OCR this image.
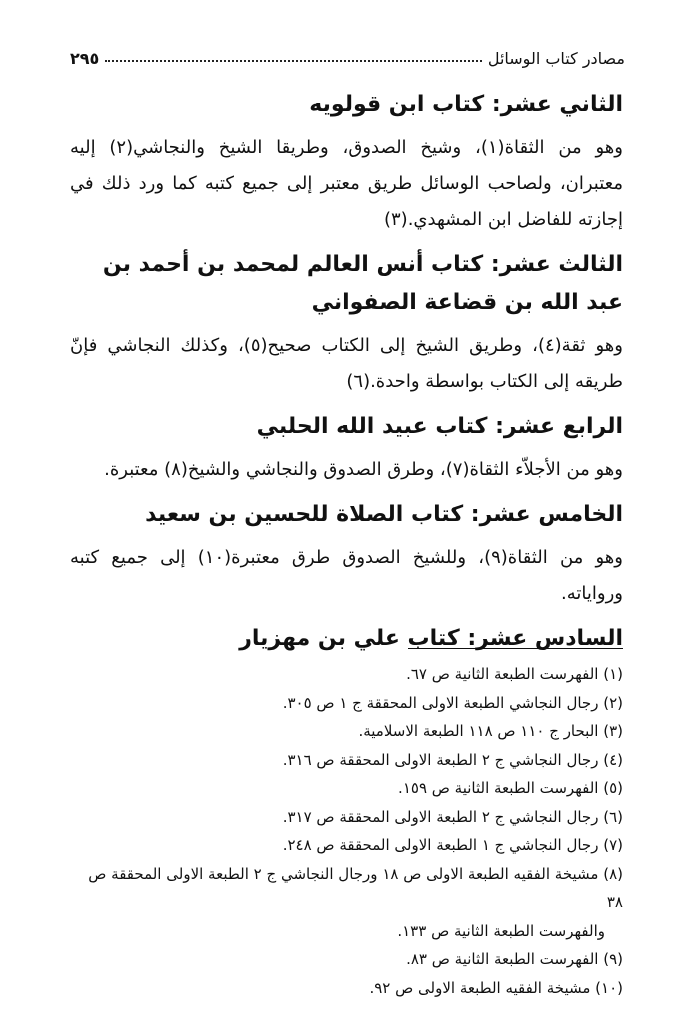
مصادر كتاب الوسائل
٢٩٥
الثاني عشر: كتاب ابن قولويه

وهو من الثقاة(١)، وشيخ الصدوق، وطريقا الشيخ والنجاشي(٢) إليه معتبران، ولصاحب الوسائل طريق معتبر إلى جميع كتبه كما ورد ذلك في إجازته للفاضل ابن المشهدي.(٣)

الثالث عشر: كتاب أنس العالم لمحمد بن أحمد بن عبد الله بن قضاعة الصفواني

وهو ثقة(٤)، وطريق الشيخ إلى الكتاب صحيح(٥)، وكذلك النجاشي فإنّ طريقه إلى الكتاب بواسطة واحدة.(٦)

الرابع عشر: كتاب عبيد الله الحلبي

وهو من الأجلاّء الثقاة(٧)، وطرق الصدوق والنجاشي والشيخ(٨) معتبرة.

الخامس عشر: كتاب الصلاة للحسين بن سعيد

وهو من الثقاة(٩)، وللشيخ الصدوق طرق معتبرة(١٠) إلى جميع كتبه ورواياته.

السادس عشر: كتاب علي بن مهزيار
(١) الفهرست الطبعة الثانية ص ٦٧.
(٢) رجال النجاشي الطبعة الاولى المحققة ج ١ ص ٣٠٥.
(٣) البحار ج ١١٠ ص ١١٨ الطبعة الاسلامية.
(٤) رجال النجاشي ج ٢ الطبعة الاولى المحققة ص ٣١٦.
(٥) الفهرست الطبعة الثانية ص ١٥٩.
(٦) رجال النجاشي ج ٢ الطبعة الاولى المحققة ص ٣١٧.
(٧) رجال النجاشي ج ١ الطبعة الاولى المحققة ص ٢٤٨.
(٨) مشيخة الفقيه الطبعة الاولى ص ١٨ ورجال النجاشي ج ٢ الطبعة الاولى المحققة ص ٣٨
والفهرست الطبعة الثانية ص ١٣٣.
(٩) الفهرست الطبعة الثانية ص ٨٣.
(١٠) مشيخة الفقيه الطبعة الاولى ص ٩٢.
